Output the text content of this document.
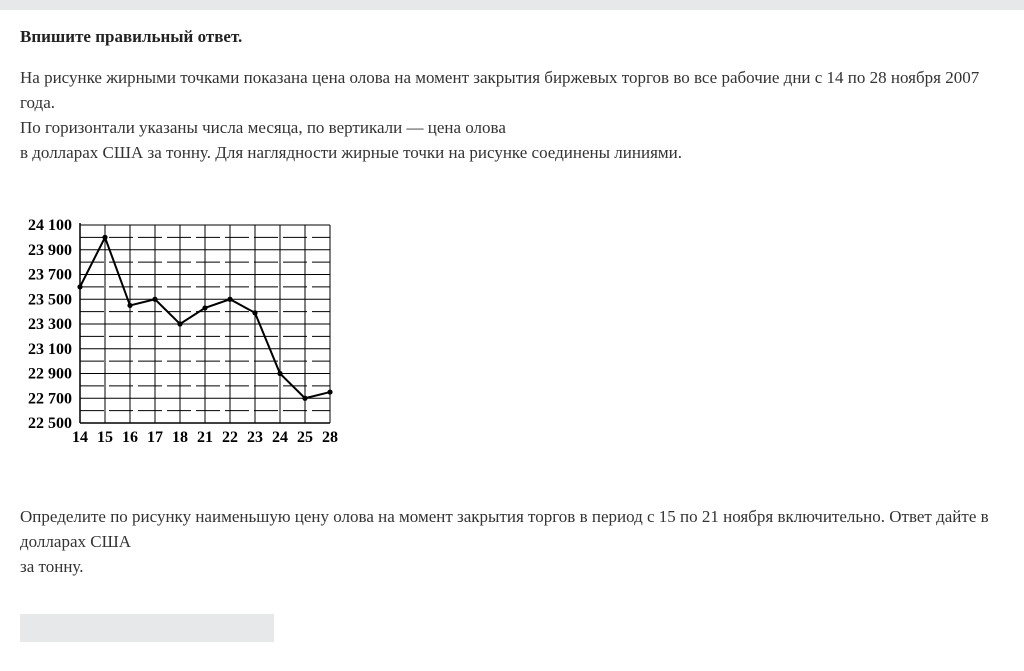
Впишите правильный ответ.

На рисунке жирными точками показана цена олова на момент закрытия биржевых торгов во все рабочие дни с 14 по 28 ноября 2007 года.

По горизонтали указаны числа месяца, по вертикали — цена олова

в долларах США за тонну. Для наглядности жирные точки на рисунке соединены линиями.

24 100
23 900
23 700
23 500
23 300
23 100
22 900
22 700
22 500
14 15 16 17 18 21 22 23 24 25 28

Определите по рисунку наименьшую цену олова на момент закрытия торгов в период с 15 по 21 ноября включительно. Ответ дайте в долларах США

за тонну.
